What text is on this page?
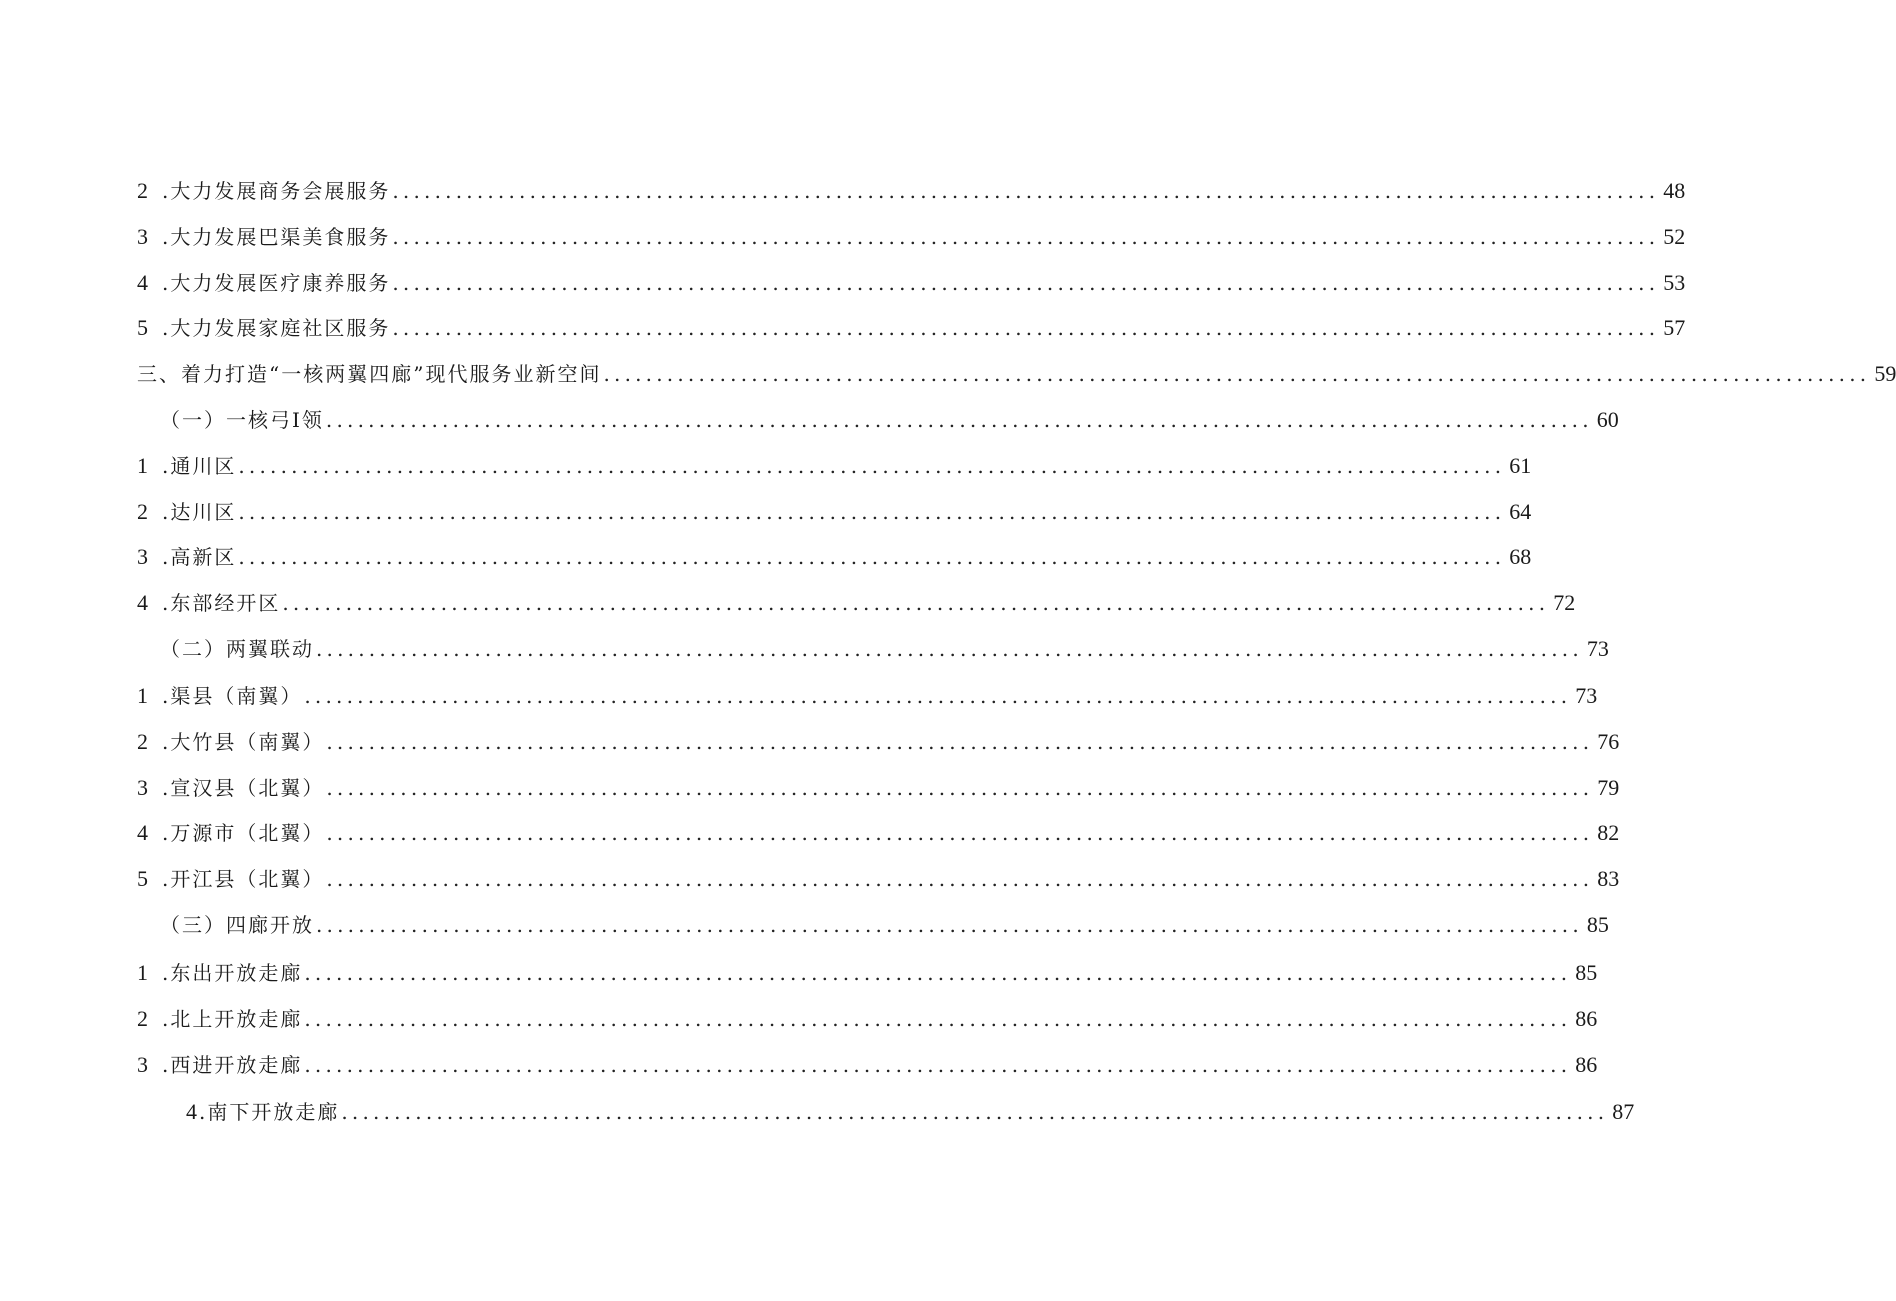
2 .大力发展商务会展服务 ........................................................................................................................ 48
3 .大力发展巴渠美食服务 ........................................................................................................................ 52
4 .大力发展医疗康养服务 ........................................................................................................................ 53
5 .大力发展家庭社区服务 ........................................................................................................................ 57
三、着力打造“一核两翼四廊”现代服务业新空间 ........................................................................................................................ 59
（一）一核弓I领 ........................................................................................................................ 60
1 .通川区 ........................................................................................................................ 61
2 .达川区 ........................................................................................................................ 64
3 .高新区 ........................................................................................................................ 68
4 .东部经开区 ........................................................................................................................ 72
（二）两翼联动 ........................................................................................................................ 73
1 .渠县（南翼） ........................................................................................................................ 73
2 .大竹县（南翼） ........................................................................................................................ 76
3 .宣汉县（北翼） ........................................................................................................................ 79
4 .万源市（北翼） ........................................................................................................................ 82
5 .开江县（北翼） ........................................................................................................................ 83
（三）四廊开放 ........................................................................................................................ 85
1 .东出开放走廊 ........................................................................................................................ 85
2 .北上开放走廊 ........................................................................................................................ 86
3 .西进开放走廊 ........................................................................................................................ 86
4 .南下开放走廊 ........................................................................................................................ 87
